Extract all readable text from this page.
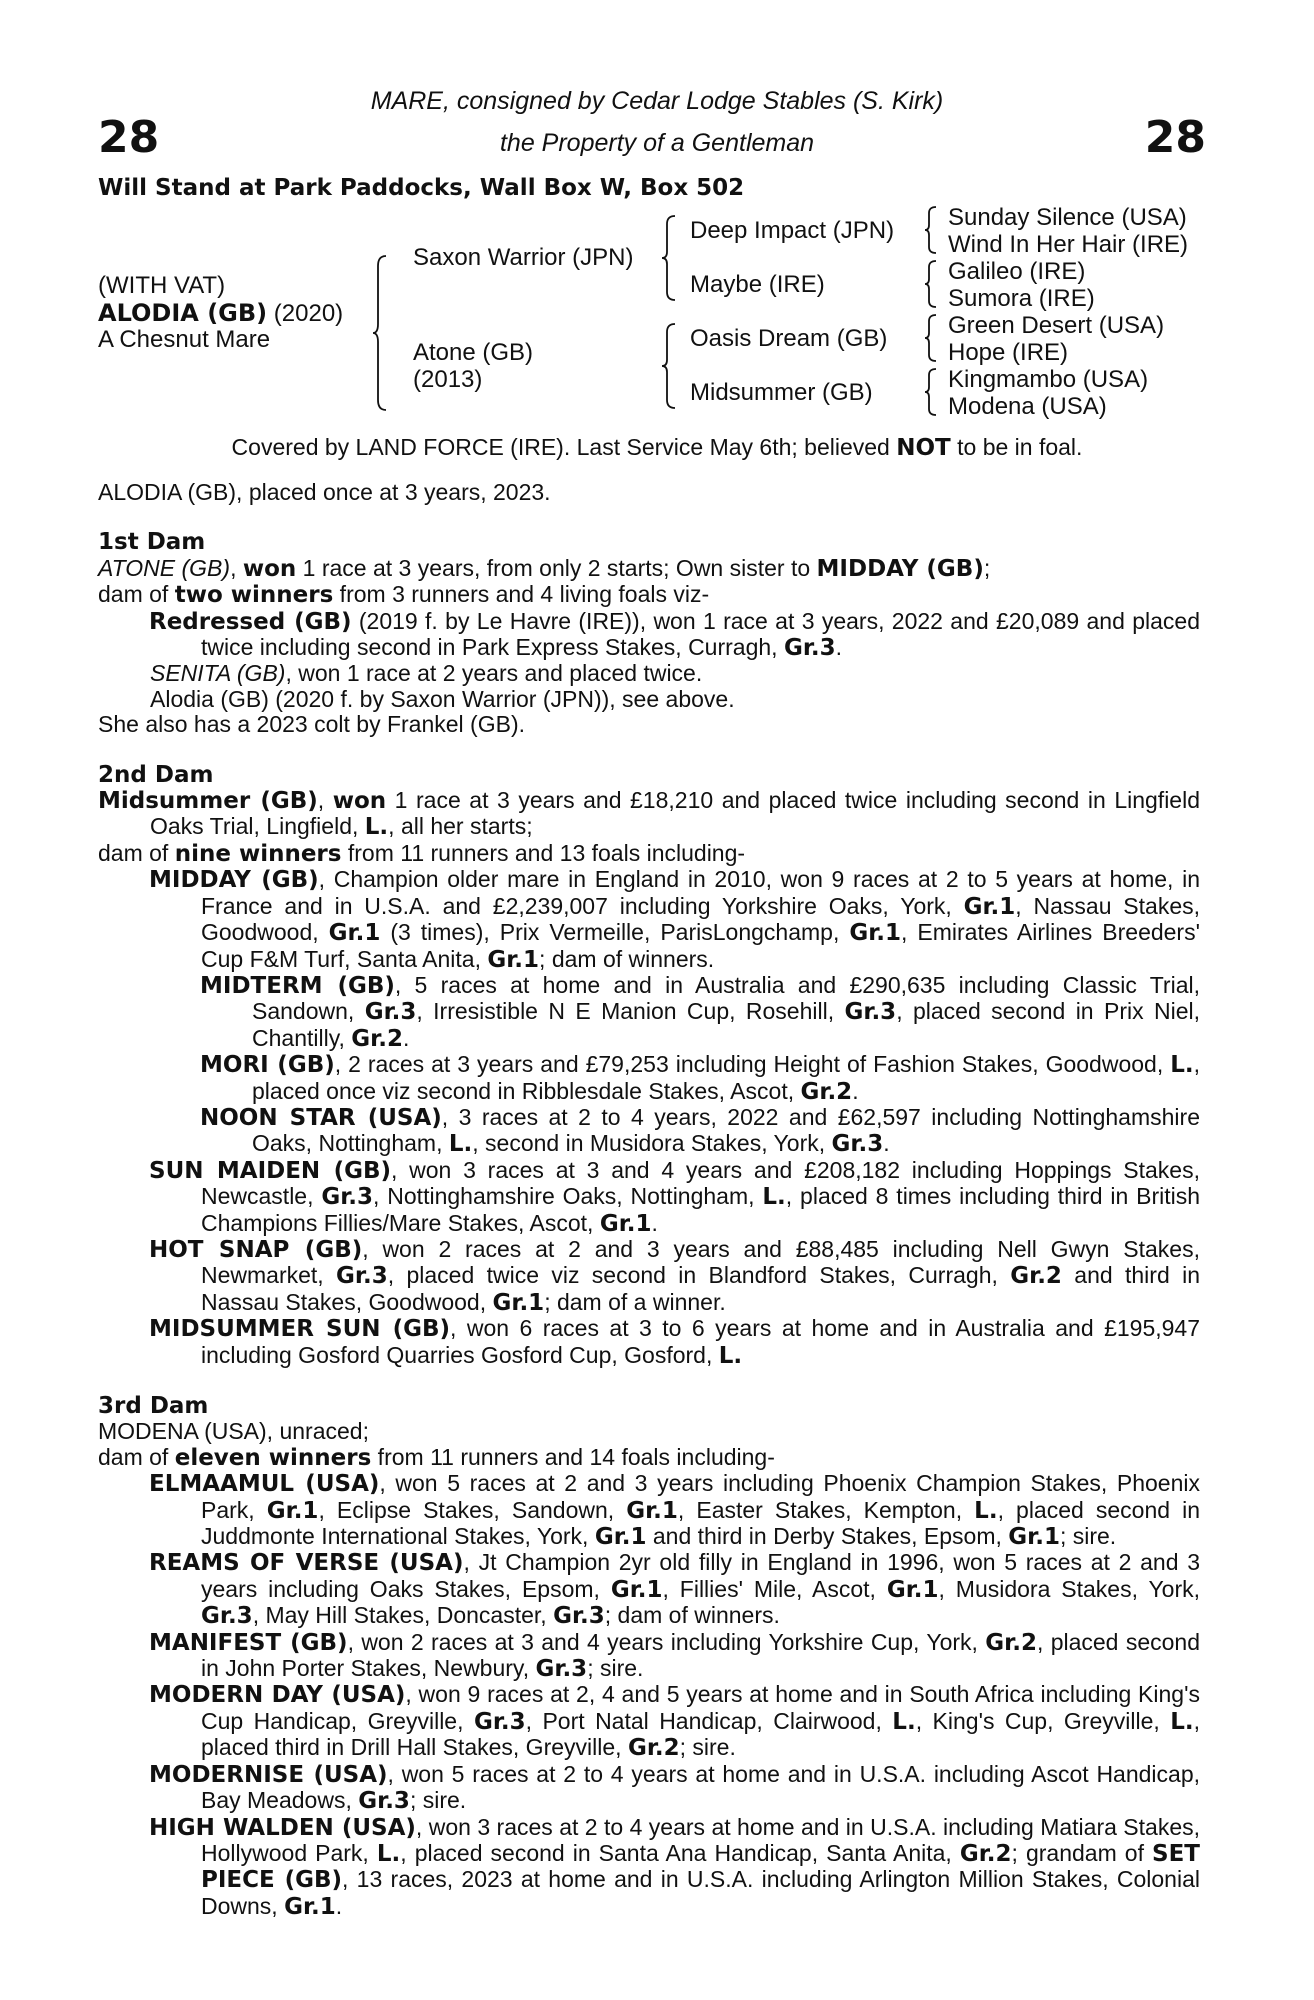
28	28
MARE, consigned by Cedar Lodge Stables (S. Kirk)
the Property of a Gentleman
Will Stand at Park Paddocks, Wall Box W, Box 502
(WITH VAT)
ALODIA (GB) (2020)
A Chesnut Mare
Saxon Warrior (JPN)
Atone (GB)
(2013)
Deep Impact (JPN)
Maybe (IRE)
Oasis Dream (GB)
Midsummer (GB)
Sunday Silence (USA)
Wind In Her Hair (IRE)
Galileo (IRE)
Sumora (IRE)
Green Desert (USA)
Hope (IRE)
Kingmambo (USA)
Modena (USA)
Covered by LAND FORCE (IRE). Last Service May 6th; believed NOT to be in foal.

ALODIA (GB), placed once at 3 years, 2023.

1st Dam

ATONE (GB), won 1 race at 3 years, from only 2 starts; Own sister to MIDDAY (GB);

dam of two winners from 3 runners and 4 living foals viz-

Redressed (GB) (2019 f. by Le Havre (IRE)), won 1 race at 3 years, 2022 and £20,089 and placed twice including second in Park Express Stakes, Curragh, Gr.3.

SENITA (GB), won 1 race at 2 years and placed twice.

Alodia (GB) (2020 f. by Saxon Warrior (JPN)), see above.

She also has a 2023 colt by Frankel (GB).

2nd Dam

Midsummer (GB), won 1 race at 3 years and £18,210 and placed twice including second in Lingfield Oaks Trial, Lingfield, L., all her starts;

dam of nine winners from 11 runners and 13 foals including-

MIDDAY (GB), Champion older mare in England in 2010, won 9 races at 2 to 5 years at home, in France and in U.S.A. and £2,239,007 including Yorkshire Oaks, York, Gr.1, Nassau Stakes, Goodwood, Gr.1 (3 times), Prix Vermeille, ParisLongchamp, Gr.1, Emirates Airlines Breeders' Cup F&M Turf, Santa Anita, Gr.1; dam of winners.

MIDTERM (GB), 5 races at home and in Australia and £290,635 including Classic Trial, Sandown, Gr.3, Irresistible N E Manion Cup, Rosehill, Gr.3, placed second in Prix Niel, Chantilly, Gr.2.

MORI (GB), 2 races at 3 years and £79,253 including Height of Fashion Stakes, Goodwood, L., placed once viz second in Ribblesdale Stakes, Ascot, Gr.2.

NOON STAR (USA), 3 races at 2 to 4 years, 2022 and £62,597 including Nottinghamshire Oaks, Nottingham, L., second in Musidora Stakes, York, Gr.3.

SUN MAIDEN (GB), won 3 races at 3 and 4 years and £208,182 including Hoppings Stakes, Newcastle, Gr.3, Nottinghamshire Oaks, Nottingham, L., placed 8 times including third in British Champions Fillies/Mare Stakes, Ascot, Gr.1.

HOT SNAP (GB), won 2 races at 2 and 3 years and £88,485 including Nell Gwyn Stakes, Newmarket, Gr.3, placed twice viz second in Blandford Stakes, Curragh, Gr.2 and third in Nassau Stakes, Goodwood, Gr.1; dam of a winner.

MIDSUMMER SUN (GB), won 6 races at 3 to 6 years at home and in Australia and £195,947 including Gosford Quarries Gosford Cup, Gosford, L.

3rd Dam

MODENA (USA), unraced;

dam of eleven winners from 11 runners and 14 foals including-

ELMAAMUL (USA), won 5 races at 2 and 3 years including Phoenix Champion Stakes, Phoenix Park, Gr.1, Eclipse Stakes, Sandown, Gr.1, Easter Stakes, Kempton, L., placed second in Juddmonte International Stakes, York, Gr.1 and third in Derby Stakes, Epsom, Gr.1; sire.

REAMS OF VERSE (USA), Jt Champion 2yr old filly in England in 1996, won 5 races at 2 and 3 years including Oaks Stakes, Epsom, Gr.1, Fillies' Mile, Ascot, Gr.1, Musidora Stakes, York, Gr.3, May Hill Stakes, Doncaster, Gr.3; dam of winners.

MANIFEST (GB), won 2 races at 3 and 4 years including Yorkshire Cup, York, Gr.2, placed second in John Porter Stakes, Newbury, Gr.3; sire.

MODERN DAY (USA), won 9 races at 2, 4 and 5 years at home and in South Africa including King's Cup Handicap, Greyville, Gr.3, Port Natal Handicap, Clairwood, L., King's Cup, Greyville, L., placed third in Drill Hall Stakes, Greyville, Gr.2; sire.

MODERNISE (USA), won 5 races at 2 to 4 years at home and in U.S.A. including Ascot Handicap, Bay Meadows, Gr.3; sire.

HIGH WALDEN (USA), won 3 races at 2 to 4 years at home and in U.S.A. including Matiara Stakes, Hollywood Park, L., placed second in Santa Ana Handicap, Santa Anita, Gr.2; grandam of SET PIECE (GB), 13 races, 2023 at home and in U.S.A. including Arlington Million Stakes, Colonial Downs, Gr.1.
